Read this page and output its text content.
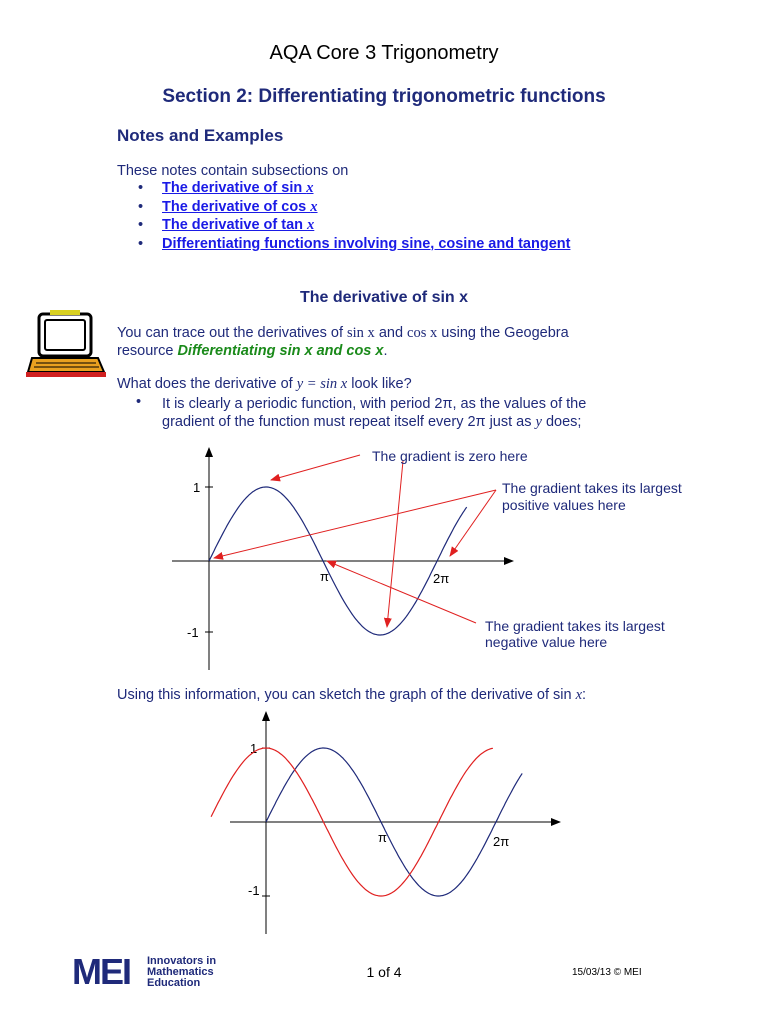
AQA Core 3 Trigonometry
Section 2: Differentiating trigonometric functions
Notes and Examples
These notes contain subsections on
• The derivative of sin x
• The derivative of cos x
• The derivative of tan x
• Differentiating functions involving sine, cosine and tangent
The derivative of sin x
You can trace out the derivatives of sin x and cos x using the Geogebra
resource Differentiating sin x and cos x.
What does the derivative of y = sin x look like?
• It is clearly a periodic function, with period 2π, as the values of the
gradient of the function must repeat itself every 2π just as y does;
1
-1
π	2π
The gradient is zero here
The gradient takes its largest
positive values here
The gradient takes its largest
negative value here
Using this information, you can sketch the graph of the derivative of sin x:
1
-1
π	2π
MEI Innovators in
Mathematics
Education
1 of 4	15/03/13 © MEI
